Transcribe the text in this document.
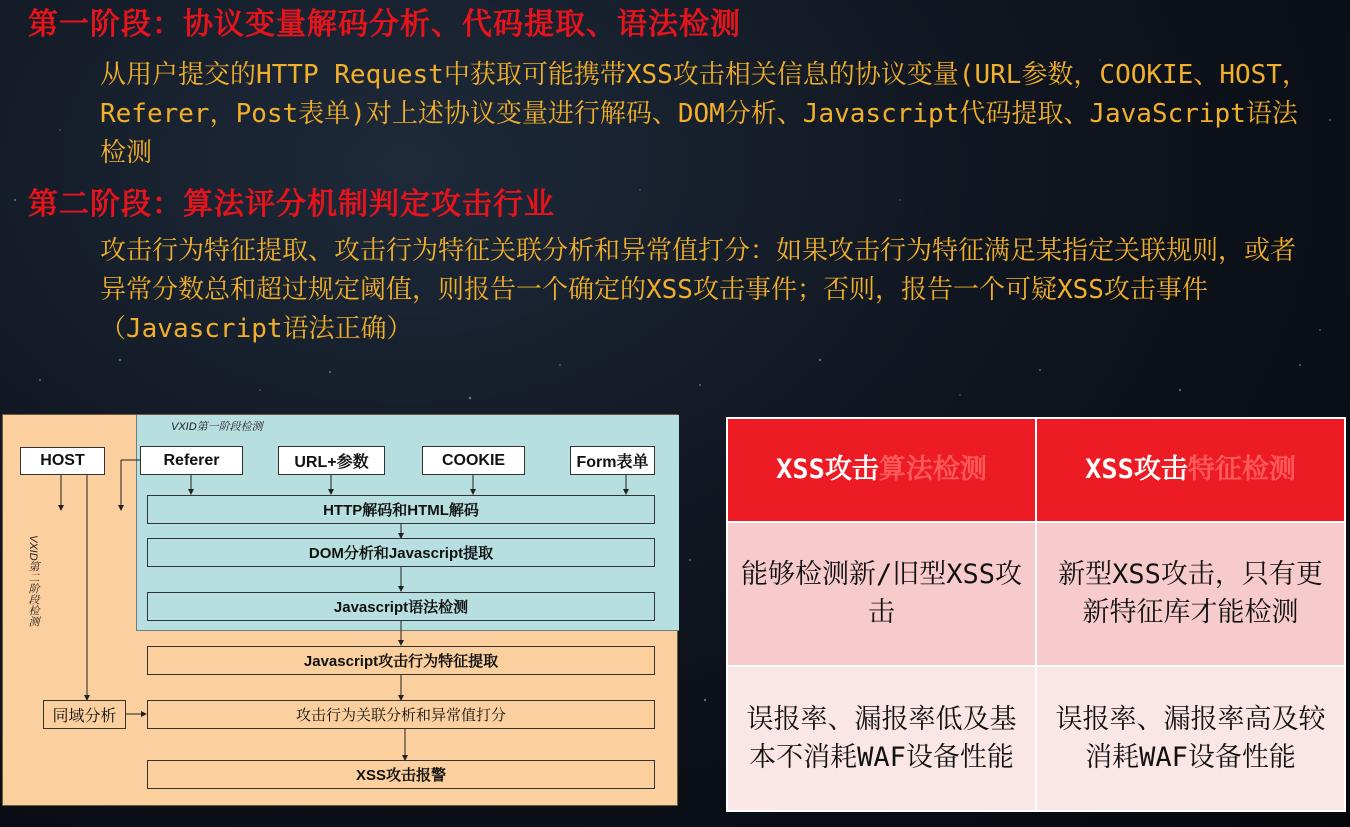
第一阶段：协议变量解码分析、代码提取、语法检测

从用户提交的HTTP Request中获取可能携带XSS攻击相关信息的协议变量(URL参数，COOKIE、HOST，Referer，Post表单)对上述协议变量进行解码、DOM分析、Javascript代码提取、JavaScript语法检测

第二阶段：算法评分机制判定攻击行业

攻击行为特征提取、攻击行为特征关联分析和异常值打分：如果攻击行为特征满足某指定关联规则，或者异常分数总和超过规定阈值，则报告一个确定的XSS攻击事件；否则，报告一个可疑XSS攻击事件（Javascript语法正确）

VXID第一阶段检测
VXID第二阶段检测
HOST	Referer	URL+参数	COOKIE	Form表单
HTTP解码和HTML解码
DOM分析和Javascript提取
Javascript语法检测
Javascript攻击行为特征提取
同域分析	攻击行为关联分析和异常值打分
XSS攻击报警
XSS攻击算法检测	XSS攻击特征检测
能够检测新/旧型XSS攻击	新型XSS攻击，只有更新特征库才能检测
误报率、漏报率低及基本不消耗WAF设备性能	误报率、漏报率高及较消耗WAF设备性能
